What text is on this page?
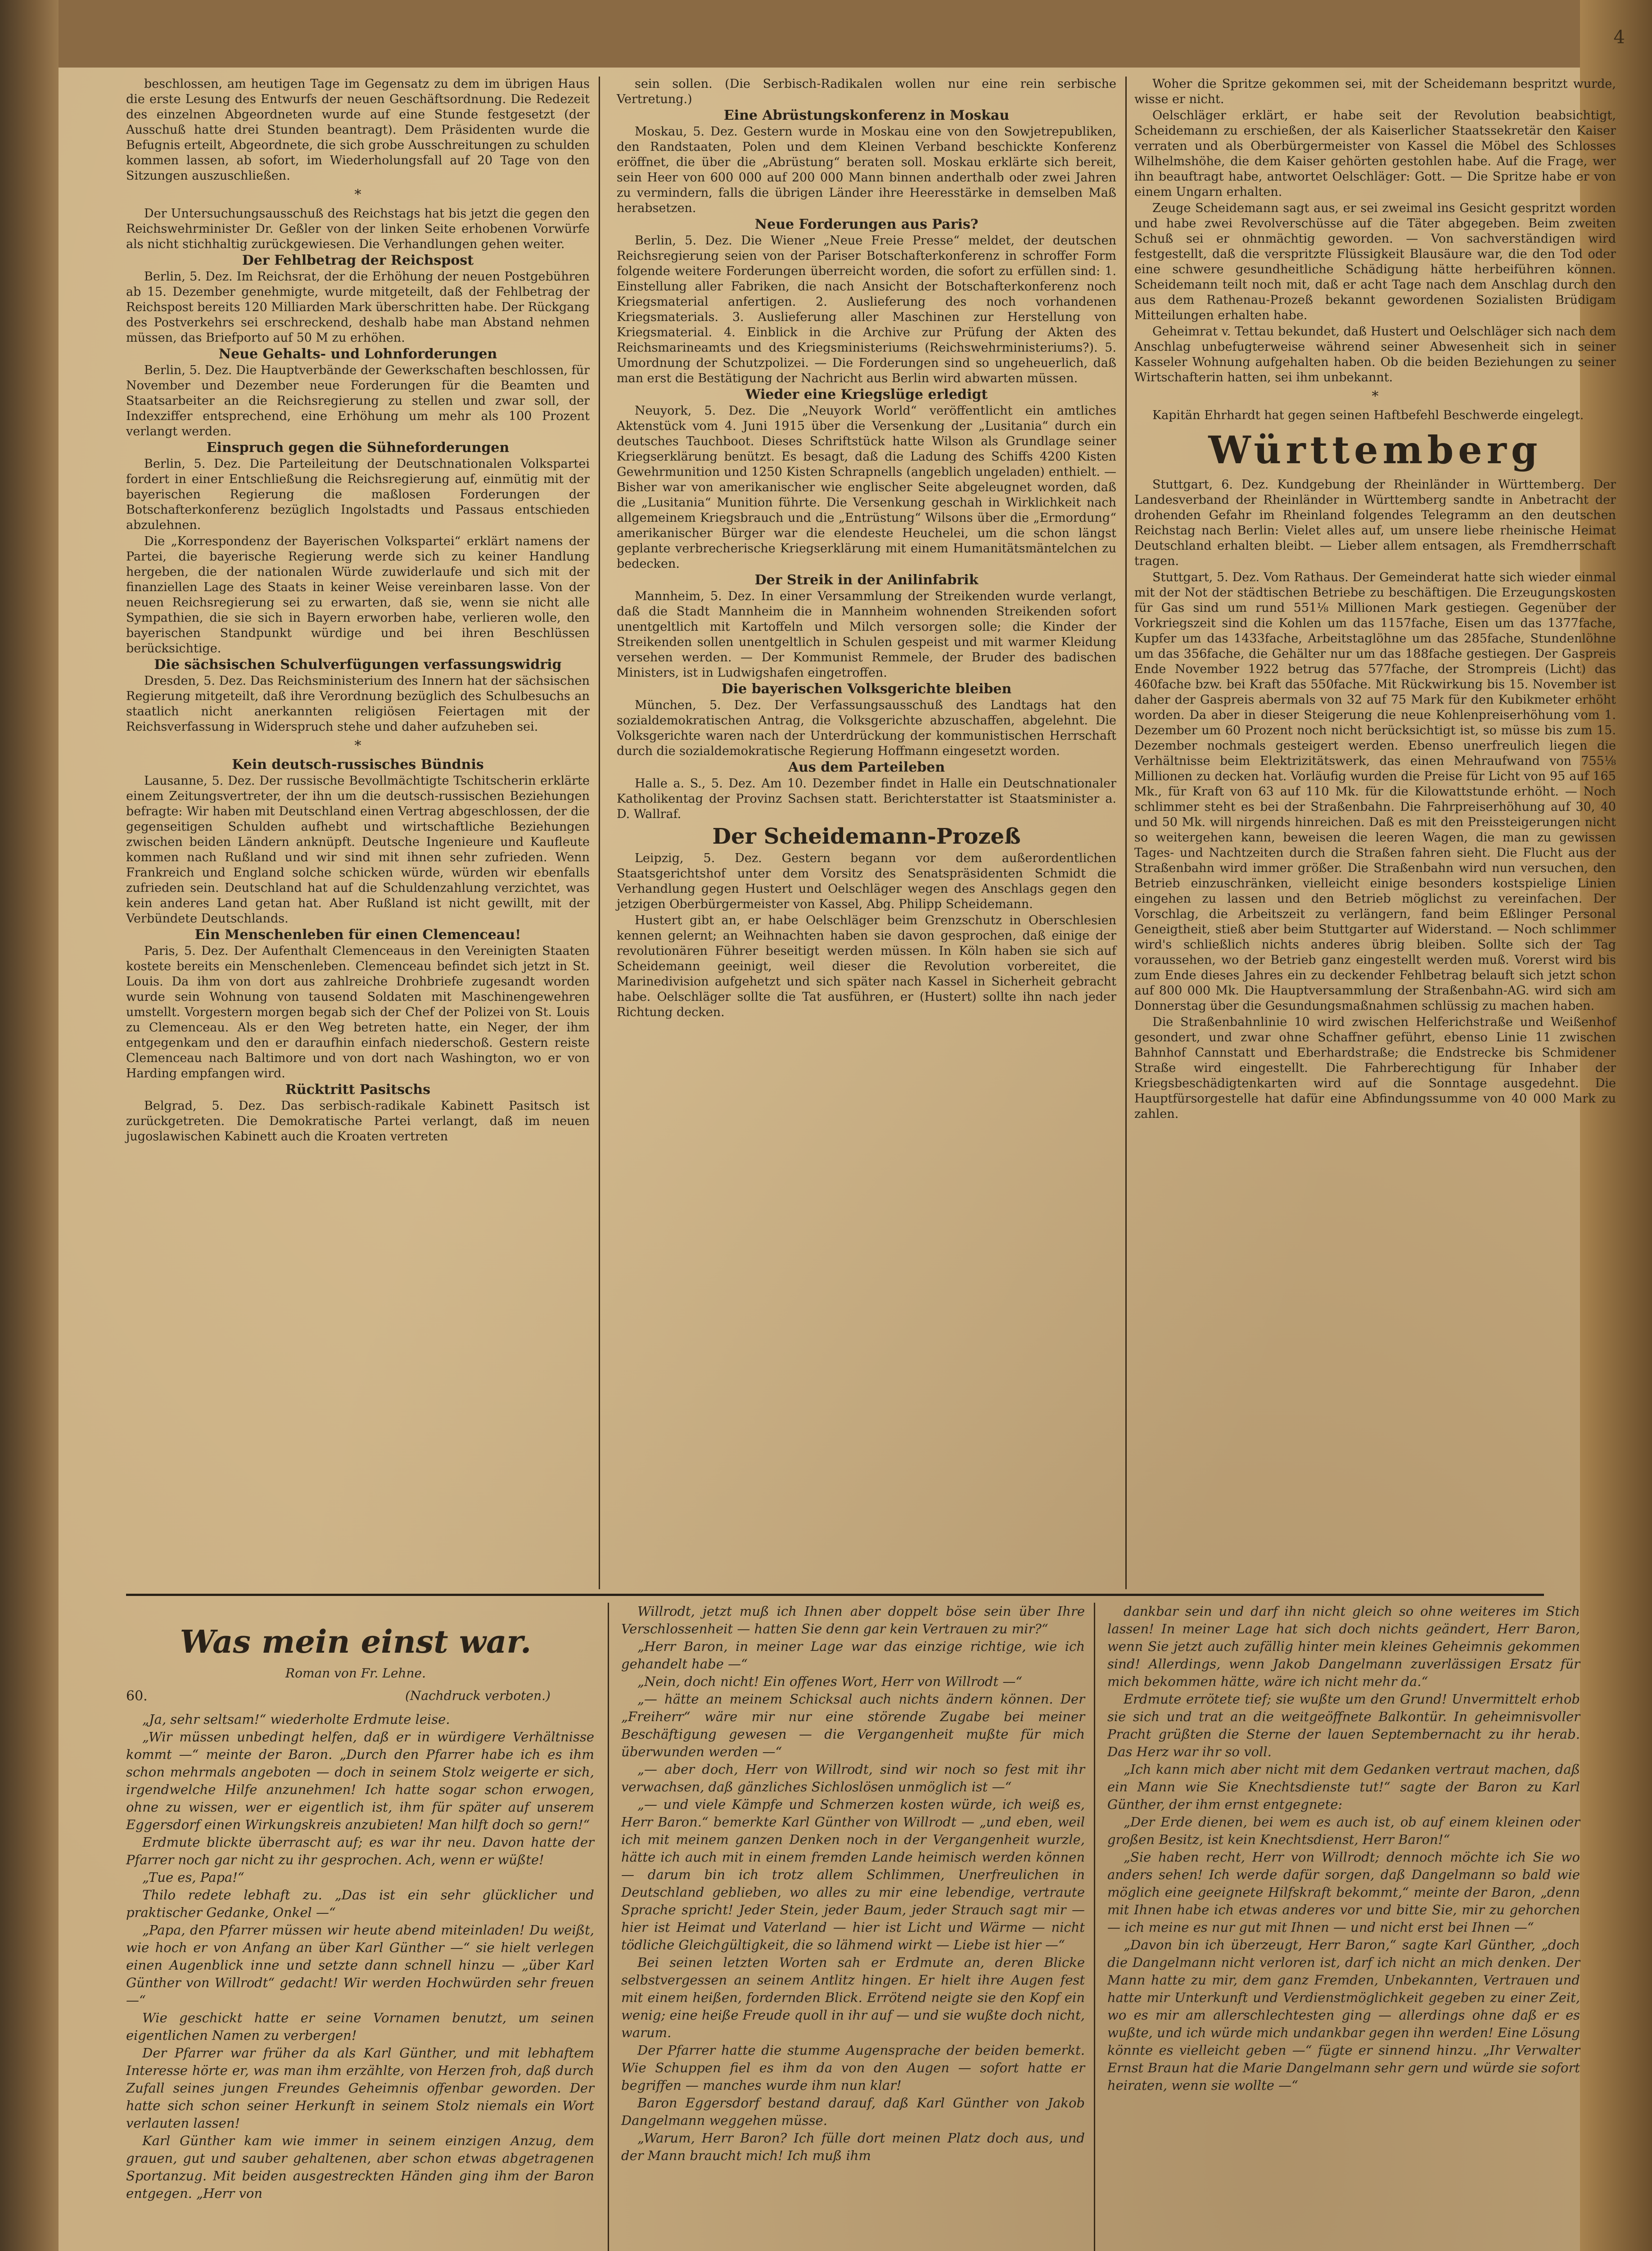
4

beschlossen, am heutigen Tage im Gegensatz zu dem im übrigen Haus die erste Lesung des Entwurfs der neuen Geschäftsordnung. Die Redezeit des einzelnen Abgeordneten wurde auf eine Stunde festgesetzt (der Ausschuß hatte drei Stunden beantragt). Dem Präsidenten wurde die Befugnis erteilt, Abgeordnete, die sich grobe Ausschreitungen zu schulden kommen lassen, ab sofort, im Wiederholungsfall auf 20 Tage von den Sitzungen auszuschließen.

*

Der Untersuchungsausschuß des Reichstags hat bis jetzt die gegen den Reichswehrminister Dr. Geßler von der linken Seite erhobenen Vorwürfe als nicht stichhaltig zurückgewiesen. Die Verhandlungen gehen weiter.

Der Fehlbetrag der Reichspost

Berlin, 5. Dez. Im Reichsrat, der die Erhöhung der neuen Postgebühren ab 15. Dezember genehmigte, wurde mitgeteilt, daß der Fehlbetrag der Reichspost bereits 120 Milliarden Mark überschritten habe. Der Rückgang des Postverkehrs sei erschreckend, deshalb habe man Abstand nehmen müssen, das Briefporto auf 50 M zu erhöhen.

Neue Gehalts- und Lohnforderungen

Berlin, 5. Dez. Die Hauptverbände der Gewerkschaften beschlossen, für November und Dezember neue Forderungen für die Beamten und Staatsarbeiter an die Reichsregierung zu stellen und zwar soll, der Indexziffer entsprechend, eine Erhöhung um mehr als 100 Prozent verlangt werden.

Einspruch gegen die Sühneforderungen

Berlin, 5. Dez. Die Parteileitung der Deutschnationalen Volkspartei fordert in einer Entschließung die Reichsregierung auf, einmütig mit der bayerischen Regierung die maßlosen Forderungen der Botschafterkonferenz bezüglich Ingolstadts und Passaus entschieden abzulehnen.

Die „Korrespondenz der Bayerischen Volkspartei“ erklärt namens der Partei, die bayerische Regierung werde sich zu keiner Handlung hergeben, die der nationalen Würde zuwiderlaufe und sich mit der finanziellen Lage des Staats in keiner Weise vereinbaren lasse. Von der neuen Reichsregierung sei zu erwarten, daß sie, wenn sie nicht alle Sympathien, die sie sich in Bayern erworben habe, verlieren wolle, den bayerischen Standpunkt würdige und bei ihren Beschlüssen berücksichtige.

Die sächsischen Schulverfügungen verfassungswidrig

Dresden, 5. Dez. Das Reichsministerium des Innern hat der sächsischen Regierung mitgeteilt, daß ihre Verordnung bezüglich des Schulbesuchs an staatlich nicht anerkannten religiösen Feiertagen mit der Reichsverfassung in Widerspruch stehe und daher aufzuheben sei.

*

Kein deutsch-russisches Bündnis

Lausanne, 5. Dez. Der russische Bevollmächtigte Tschitscherin erklärte einem Zeitungsvertreter, der ihn um die deutsch-russischen Beziehungen befragte: Wir haben mit Deutschland einen Vertrag abgeschlossen, der die gegenseitigen Schulden aufhebt und wirtschaftliche Beziehungen zwischen beiden Ländern anknüpft. Deutsche Ingenieure und Kaufleute kommen nach Rußland und wir sind mit ihnen sehr zufrieden. Wenn Frankreich und England solche schicken würde, würden wir ebenfalls zufrieden sein. Deutschland hat auf die Schuldenzahlung verzichtet, was kein anderes Land getan hat. Aber Rußland ist nicht gewillt, mit der Verbündete Deutschlands.

Ein Menschenleben für einen Clemenceau!

Paris, 5. Dez. Der Aufenthalt Clemenceaus in den Vereinigten Staaten kostete bereits ein Menschenleben. Clemenceau befindet sich jetzt in St. Louis. Da ihm von dort aus zahlreiche Drohbriefe zugesandt worden wurde sein Wohnung von tausend Soldaten mit Maschinengewehren umstellt. Vorgestern morgen begab sich der Chef der Polizei von St. Louis zu Clemenceau. Als er den Weg betreten hatte, ein Neger, der ihm entgegenkam und den er daraufhin einfach niederschoß. Gestern reiste Clemenceau nach Baltimore und von dort nach Washington, wo er von Harding empfangen wird.

Rücktritt Pasitschs

Belgrad, 5. Dez. Das serbisch-radikale Kabinett Pasitsch ist zurückgetreten. Die Demokratische Partei verlangt, daß im neuen jugoslawischen Kabinett auch die Kroaten vertreten

sein sollen. (Die Serbisch-Radikalen wollen nur eine rein serbische Vertretung.)

Eine Abrüstungskonferenz in Moskau

Moskau, 5. Dez. Gestern wurde in Moskau eine von den Sowjetrepubliken, den Randstaaten, Polen und dem Kleinen Verband beschickte Konferenz eröffnet, die über die „Abrüstung“ beraten soll. Moskau erklärte sich bereit, sein Heer von 600 000 auf 200 000 Mann binnen anderthalb oder zwei Jahren zu vermindern, falls die übrigen Länder ihre Heeresstärke in demselben Maß herabsetzen.

Neue Forderungen aus Paris?

Berlin, 5. Dez. Die Wiener „Neue Freie Presse“ meldet, der deutschen Reichsregierung seien von der Pariser Botschafterkonferenz in schroffer Form folgende weitere Forderungen überreicht worden, die sofort zu erfüllen sind: 1. Einstellung aller Fabriken, die nach Ansicht der Botschafterkonferenz noch Kriegsmaterial anfertigen. 2. Auslieferung des noch vorhandenen Kriegsmaterials. 3. Auslieferung aller Maschinen zur Herstellung von Kriegsmaterial. 4. Einblick in die Archive zur Prüfung der Akten des Reichsmarineamts und des Kriegsministeriums (Reichswehrministeriums?). 5. Umordnung der Schutzpolizei. — Die Forderungen sind so ungeheuerlich, daß man erst die Bestätigung der Nachricht aus Berlin wird abwarten müssen.

Wieder eine Kriegslüge erledigt

Neuyork, 5. Dez. Die „Neuyork World“ veröffentlicht ein amtliches Aktenstück vom 4. Juni 1915 über die Versenkung der „Lusitania“ durch ein deutsches Tauchboot. Dieses Schriftstück hatte Wilson als Grundlage seiner Kriegserklärung benützt. Es besagt, daß die Ladung des Schiffs 4200 Kisten Gewehrmunition und 1250 Kisten Schrapnells (angeblich ungeladen) enthielt. — Bisher war von amerikanischer wie englischer Seite abgeleugnet worden, daß die „Lusitania“ Munition führte. Die Versenkung geschah in Wirklichkeit nach allgemeinem Kriegsbrauch und die „Entrüstung“ Wilsons über die „Ermordung“ amerikanischer Bürger war die elendeste Heuchelei, um die schon längst geplante verbrecherische Kriegserklärung mit einem Humanitätsmäntelchen zu bedecken.

Der Streik in der Anilinfabrik

Mannheim, 5. Dez. In einer Versammlung der Streikenden wurde verlangt, daß die Stadt Mannheim die in Mannheim wohnenden Streikenden sofort unentgeltlich mit Kartoffeln und Milch versorgen solle; die Kinder der Streikenden sollen unentgeltlich in Schulen gespeist und mit warmer Kleidung versehen werden. — Der Kommunist Remmele, der Bruder des badischen Ministers, ist in Ludwigshafen eingetroffen.

Die bayerischen Volksgerichte bleiben

München, 5. Dez. Der Verfassungsausschuß des Landtags hat den sozialdemokratischen Antrag, die Volksgerichte abzuschaffen, abgelehnt. Die Volksgerichte waren nach der Unterdrückung der kommunistischen Herrschaft durch die sozialdemokratische Regierung Hoffmann eingesetzt worden.

Aus dem Parteileben

Halle a. S., 5. Dez. Am 10. Dezember findet in Halle ein Deutschnationaler Katholikentag der Provinz Sachsen statt. Berichterstatter ist Staatsminister a. D. Wallraf.

Der Scheidemann-Prozeß

Leipzig, 5. Dez. Gestern begann vor dem außerordentlichen Staatsgerichtshof unter dem Vorsitz des Senatspräsidenten Schmidt die Verhandlung gegen Hustert und Oelschläger wegen des Anschlags gegen den jetzigen Oberbürgermeister von Kassel, Abg. Philipp Scheidemann.

Hustert gibt an, er habe Oelschläger beim Grenzschutz in Oberschlesien kennen gelernt; an Weihnachten haben sie davon gesprochen, daß einige der revolutionären Führer beseitigt werden müssen. In Köln haben sie sich auf Scheidemann geeinigt, weil dieser die Revolution vorbereitet, die Marinedivision aufgehetzt und sich später nach Kassel in Sicherheit gebracht habe. Oelschläger sollte die Tat ausführen, er (Hustert) sollte ihn nach jeder Richtung decken.

Woher die Spritze gekommen sei, mit der Scheidemann bespritzt wurde, wisse er nicht.

Oelschläger erklärt, er habe seit der Revolution beabsichtigt, Scheidemann zu erschießen, der als Kaiserlicher Staatssekretär den Kaiser verraten und als Oberbürgermeister von Kassel die Möbel des Schlosses Wilhelmshöhe, die dem Kaiser gehörten gestohlen habe. Auf die Frage, wer ihn beauftragt habe, antwortet Oelschläger: Gott. — Die Spritze habe er von einem Ungarn erhalten.

Zeuge Scheidemann sagt aus, er sei zweimal ins Gesicht gespritzt worden und habe zwei Revolverschüsse auf die Täter abgegeben. Beim zweiten Schuß sei er ohnmächtig geworden. — Von sachverständigen wird festgestellt, daß die verspritzte Flüssigkeit Blausäure war, die den Tod oder eine schwere gesundheitliche Schädigung hätte herbeiführen können. Scheidemann teilt noch mit, daß er acht Tage nach dem Anschlag durch den aus dem Rathenau-Prozeß bekannt gewordenen Sozialisten Brüdigam Mitteilungen erhalten habe.

Geheimrat v. Tettau bekundet, daß Hustert und Oelschläger sich nach dem Anschlag unbefugterweise während seiner Abwesenheit sich in seiner Kasseler Wohnung aufgehalten haben. Ob die beiden Beziehungen zu seiner Wirtschafterin hatten, sei ihm unbekannt.

*

Kapitän Ehrhardt hat gegen seinen Haftbefehl Beschwerde eingelegt.

Württemberg

Stuttgart, 6. Dez. Kundgebung der Rheinländer in Württemberg. Der Landesverband der Rheinländer in Württemberg sandte in Anbetracht der drohenden Gefahr im Rheinland folgendes Telegramm an den deutschen Reichstag nach Berlin: Vielet alles auf, um unsere liebe rheinische Heimat Deutschland erhalten bleibt. — Lieber allem entsagen, als Fremdherrschaft tragen.

Stuttgart, 5. Dez. Vom Rathaus. Der Gemeinderat hatte sich wieder einmal mit der Not der städtischen Betriebe zu beschäftigen. Die Erzeugungskosten für Gas sind um rund 551⅛ Millionen Mark gestiegen. Gegenüber der Vorkriegszeit sind die Kohlen um das 1157fache, Eisen um das 1377fache, Kupfer um das 1433fache, Arbeitstaglöhne um das 285fache, Stundenlöhne um das 356fache, die Gehälter nur um das 188fache gestiegen. Der Gaspreis Ende November 1922 betrug das 577fache, der Strompreis (Licht) das 460fache bzw. bei Kraft das 550fache. Mit Rückwirkung bis 15. November ist daher der Gaspreis abermals von 32 auf 75 Mark für den Kubikmeter erhöht worden. Da aber in dieser Steigerung die neue Kohlenpreiserhöhung vom 1. Dezember um 60 Prozent noch nicht berücksichtigt ist, so müsse bis zum 15. Dezember nochmals gesteigert werden. Ebenso unerfreulich liegen die Verhältnisse beim Elektrizitätswerk, das einen Mehraufwand von 755⅛ Millionen zu decken hat. Vorläufig wurden die Preise für Licht von 95 auf 165 Mk., für Kraft von 63 auf 110 Mk. für die Kilowattstunde erhöht. — Noch schlimmer steht es bei der Straßenbahn. Die Fahrpreiserhöhung auf 30, 40 und 50 Mk. will nirgends hinreichen. Daß es mit den Preissteigerungen nicht so weitergehen kann, beweisen die leeren Wagen, die man zu gewissen Tages- und Nachtzeiten durch die Straßen fahren sieht. Die Flucht aus der Straßenbahn wird immer größer. Die Straßenbahn wird nun versuchen, den Betrieb einzuschränken, vielleicht einige besonders kostspielige Linien eingehen zu lassen und den Betrieb möglichst zu vereinfachen. Der Vorschlag, die Arbeitszeit zu verlängern, fand beim Eßlinger Personal Geneigtheit, stieß aber beim Stuttgarter auf Widerstand. — Noch schlimmer wird's schließlich nichts anderes übrig bleiben. Sollte sich der Tag voraussehen, wo der Betrieb ganz eingestellt werden muß. Vorerst wird bis zum Ende dieses Jahres ein zu deckender Fehlbetrag belauft sich jetzt schon auf 800 000 Mk. Die Hauptversammlung der Straßenbahn-AG. wird sich am Donnerstag über die Gesundungsmaßnahmen schlüssig zu machen haben.

Die Straßenbahnlinie 10 wird zwischen Helferichstraße und Weißenhof gesondert, und zwar ohne Schaffner geführt, ebenso Linie 11 zwischen Bahnhof Cannstatt und Eberhardstraße; die Endstrecke bis Schmidener Straße wird eingestellt. Die Fahrberechtigung für Inhaber der Kriegsbeschädigtenkarten wird auf die Sonntage ausgedehnt. Die Hauptfürsorgestelle hat dafür eine Abfindungssumme von 40 000 Mark zu zahlen.

Was mein einst war.
Roman von Fr. Lehne.
60.	(Nachdruck verboten.)

„Ja, sehr seltsam!“ wiederholte Erdmute leise.

„Wir müssen unbedingt helfen, daß er in würdigere Verhältnisse kommt —“ meinte der Baron. „Durch den Pfarrer habe ich es ihm schon mehrmals angeboten — doch in seinem Stolz weigerte er sich, irgendwelche Hilfe anzunehmen! Ich hatte sogar schon erwogen, ohne zu wissen, wer er eigentlich ist, ihm für später auf unserem Eggersdorf einen Wirkungskreis anzubieten! Man hilft doch so gern!“

Erdmute blickte überrascht auf; es war ihr neu. Davon hatte der Pfarrer noch gar nicht zu ihr gesprochen. Ach, wenn er wüßte!

„Tue es, Papa!“

Thilo redete lebhaft zu. „Das ist ein sehr glücklicher und praktischer Gedanke, Onkel —“

„Papa, den Pfarrer müssen wir heute abend miteinladen! Du weißt, wie hoch er von Anfang an über Karl Günther —“ sie hielt verlegen einen Augenblick inne und setzte dann schnell hinzu — „über Karl Günther von Willrodt“ gedacht! Wir werden Hochwürden sehr freuen —“

Wie geschickt hatte er seine Vornamen benutzt, um seinen eigentlichen Namen zu verbergen!

Der Pfarrer war früher da als Karl Günther, und mit lebhaftem Interesse hörte er, was man ihm erzählte, von Herzen froh, daß durch Zufall seines jungen Freundes Geheimnis offenbar geworden. Der hatte sich schon seiner Herkunft in seinem Stolz niemals ein Wort verlauten lassen!

Karl Günther kam wie immer in seinem einzigen Anzug, dem grauen, gut und sauber gehaltenen, aber schon etwas abgetragenen Sportanzug. Mit beiden ausgestreckten Händen ging ihm der Baron entgegen. „Herr von

Willrodt, jetzt muß ich Ihnen aber doppelt böse sein über Ihre Verschlossenheit — hatten Sie denn gar kein Vertrauen zu mir?“

„Herr Baron, in meiner Lage war das einzige richtige, wie ich gehandelt habe —“

„Nein, doch nicht! Ein offenes Wort, Herr von Willrodt —“

„— hätte an meinem Schicksal auch nichts ändern können. Der „Freiherr“ wäre mir nur eine störende Zugabe bei meiner Beschäftigung gewesen — die Vergangenheit mußte für mich überwunden werden —“

„— aber doch, Herr von Willrodt, sind wir noch so fest mit ihr verwachsen, daß gänzliches Sichloslösen unmöglich ist —“

„— und viele Kämpfe und Schmerzen kosten würde, ich weiß es, Herr Baron.“ bemerkte Karl Günther von Willrodt — „und eben, weil ich mit meinem ganzen Denken noch in der Vergangenheit wurzle, hätte ich auch mit in einem fremden Lande heimisch werden können — darum bin ich trotz allem Schlimmen, Unerfreulichen in Deutschland geblieben, wo alles zu mir eine lebendige, vertraute Sprache spricht! Jeder Stein, jeder Baum, jeder Strauch sagt mir — hier ist Heimat und Vaterland — hier ist Licht und Wärme — nicht tödliche Gleichgültigkeit, die so lähmend wirkt — Liebe ist hier —“

Bei seinen letzten Worten sah er Erdmute an, deren Blicke selbstvergessen an seinem Antlitz hingen. Er hielt ihre Augen fest mit einem heißen, fordernden Blick. Errötend neigte sie den Kopf ein wenig; eine heiße Freude quoll in ihr auf — und sie wußte doch nicht, warum.

Der Pfarrer hatte die stumme Augensprache der beiden bemerkt. Wie Schuppen fiel es ihm da von den Augen — sofort hatte er begriffen — manches wurde ihm nun klar!

Baron Eggersdorf bestand darauf, daß Karl Günther von Jakob Dangelmann weggehen müsse.

„Warum, Herr Baron? Ich fülle dort meinen Platz doch aus, und der Mann braucht mich! Ich muß ihm

dankbar sein und darf ihn nicht gleich so ohne weiteres im Stich lassen! In meiner Lage hat sich doch nichts geändert, Herr Baron, wenn Sie jetzt auch zufällig hinter mein kleines Geheimnis gekommen sind! Allerdings, wenn Jakob Dangelmann zuverlässigen Ersatz für mich bekommen hätte, wäre ich nicht mehr da.“

Erdmute errötete tief; sie wußte um den Grund! Unvermittelt erhob sie sich und trat an die weitgeöffnete Balkontür. In geheimnisvoller Pracht grüßten die Sterne der lauen Septembernacht zu ihr herab. Das Herz war ihr so voll.

„Ich kann mich aber nicht mit dem Gedanken vertraut machen, daß ein Mann wie Sie Knechtsdienste tut!“ sagte der Baron zu Karl Günther, der ihm ernst entgegnete:

„Der Erde dienen, bei wem es auch ist, ob auf einem kleinen oder großen Besitz, ist kein Knechtsdienst, Herr Baron!“

„Sie haben recht, Herr von Willrodt; dennoch möchte ich Sie wo anders sehen! Ich werde dafür sorgen, daß Dangelmann so bald wie möglich eine geeignete Hilfskraft bekommt,“ meinte der Baron, „denn mit Ihnen habe ich etwas anderes vor und bitte Sie, mir zu gehorchen — ich meine es nur gut mit Ihnen — und nicht erst bei Ihnen —“

„Davon bin ich überzeugt, Herr Baron,“ sagte Karl Günther, „doch die Dangelmann nicht verloren ist, darf ich nicht an mich denken. Der Mann hatte zu mir, dem ganz Fremden, Unbekannten, Vertrauen und hatte mir Unterkunft und Verdienstmöglichkeit gegeben zu einer Zeit, wo es mir am allerschlechtesten ging — allerdings ohne daß er es wußte, und ich würde mich undankbar gegen ihn werden! Eine Lösung könnte es vielleicht geben —“ fügte er sinnend hinzu. „Ihr Verwalter Ernst Braun hat die Marie Dangelmann sehr gern und würde sie sofort heiraten, wenn sie wollte —“
